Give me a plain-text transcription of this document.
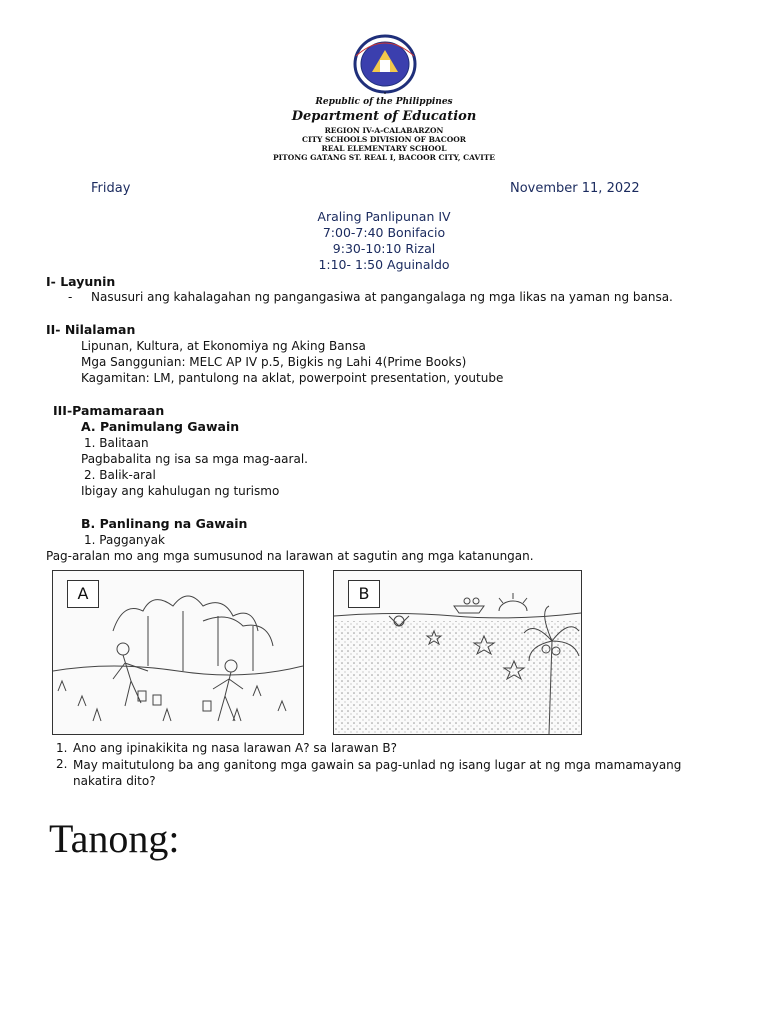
Republic of the Philippines
Department of Education
REGION IV-A-CALABARZON
CITY SCHOOLS DIVISION OF BACOOR
REAL ELEMENTARY SCHOOL
PITONG GATANG ST. REAL I, BACOOR CITY, CAVITE
Friday	November 11, 2022
Araling Panlipunan IV
7:00-7:40 Bonifacio
9:30-10:10 Rizal
1:10- 1:50 Aguinaldo
I- Layunin
- Nasusuri ang kahalagahan ng pangangasiwa at pangangalaga ng mga likas na yaman ng bansa.
II- Nilalaman
Lipunan, Kultura, at Ekonomiya ng Aking Bansa
Mga Sanggunian: MELC AP IV p.5, Bigkis ng Lahi 4(Prime Books)
Kagamitan: LM, pantulong na aklat, powerpoint presentation, youtube
III-Pamamaraan
A. Panimulang Gawain
1. Balitaan
Pagbabalita ng isa sa mga mag-aaral.
2. Balik-aral
Ibigay ang kahulugan ng turismo
B. Panlinang na Gawain
1. Pagganyak
Pag-aralan mo ang mga sumusunod na larawan at sagutin ang mga katanungan.
A	B
1. Ano ang ipinakikita ng nasa larawan A? sa larawan B?
2. May maitutulong ba ang ganitong mga gawain sa pag-unlad ng isang lugar at ng mga mamamayang nakatira dito?
Tanong:
